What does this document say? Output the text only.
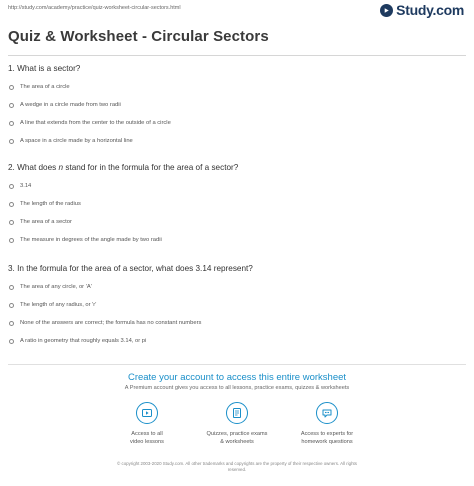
http://study.com/academy/practice/quiz-worksheet-circular-sectors.html	Study.com
Quiz & Worksheet - Circular Sectors
1. What is a sector?
The area of a circle
A wedge in a circle made from two radii
A line that extends from the center to the outside of a circle
A space in a circle made by a horizontal line
2. What does n stand for in the formula for the area of a sector?
3.14
The length of the radius
The area of a sector
The measure in degrees of the angle made by two radii
3. In the formula for the area of a sector, what does 3.14 represent?
The area of any circle, or 'A'
The length of any radius, or 'r'
None of the answers are correct; the formula has no constant numbers
A ratio in geometry that roughly equals 3.14, or pi
Create your account to access this entire worksheet
A Premium account gives you access to all lessons, practice exams, quizzes & worksheets
Access to all
video lessons
Quizzes, practice exams
& worksheets
Access to experts for
homework questions
© copyright 2003-2020 Study.com. All other trademarks and copyrights are the property of their respective owners. All rights
reserved.
